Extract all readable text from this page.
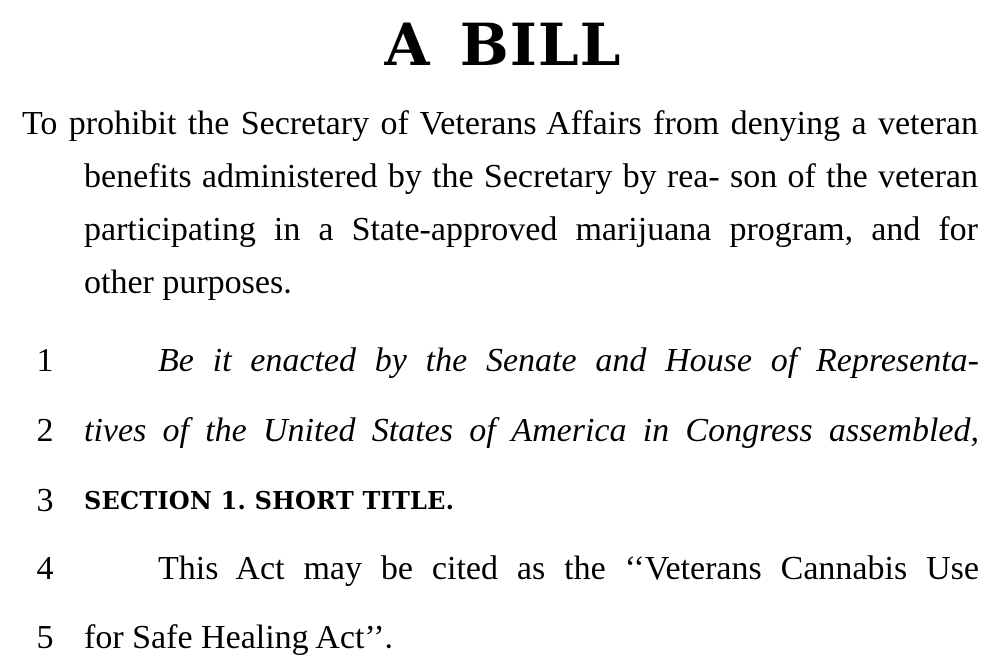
A BILL

To prohibit the Secretary of Veterans Affairs from denying a veteran benefits administered by the Secretary by rea- son of the veteran participating in a State-approved marijuana program, and for other purposes.

1	Be it enacted by the Senate and House of Representa-
2 tives of the United States of America in Congress assembled,
3 SECTION 1. SHORT TITLE.
4	This Act may be cited as the ‘‘Veterans Cannabis Use
5 for Safe Healing Act’’.
